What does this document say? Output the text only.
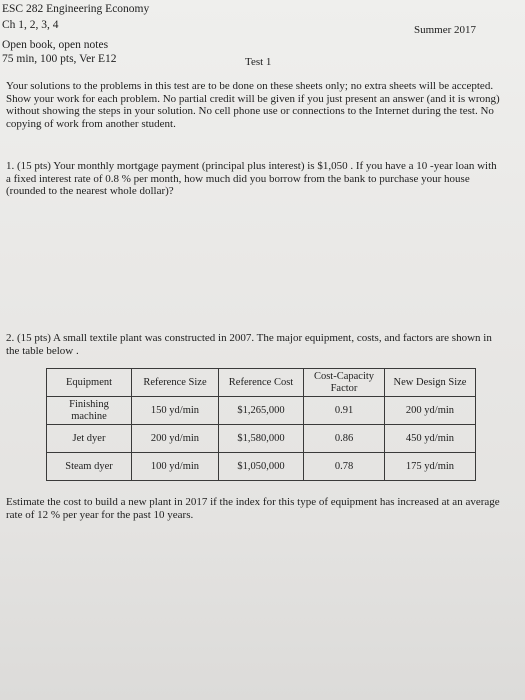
ESC 282 Engineering Economy
Ch 1, 2, 3, 4
Open book, open notes
75 min, 100 pts, Ver E12
Summer 2017
Test 1
Your solutions to the problems in this test are to be done on these sheets only; no extra sheets will be accepted. Show your work for each problem. No partial credit will be given if you just present an answer (and it is wrong) without showing the steps in your solution. No cell phone use or connections to the Internet during the test. No copying of work from another student.
1. (15 pts) Your monthly mortgage payment (principal plus interest) is $1,050 . If you have a 10 -year loan with a fixed interest rate of 0.8 % per month, how much did you borrow from the bank to purchase your house (rounded to the nearest whole dollar)?
2. (15 pts) A small textile plant was constructed in 2007. The major equipment, costs, and factors are shown in the table below .
Equipment	Reference Size	Reference Cost	Cost-Capacity Factor	New Design Size
Finishing machine	150 yd/min	$1,265,000	0.91	200 yd/min
Jet dyer	200 yd/min	$1,580,000	0.86	450 yd/min
Steam dyer	100 yd/min	$1,050,000	0.78	175 yd/min
Estimate the cost to build a new plant in 2017 if the index for this type of equipment has increased at an average rate of 12 % per year for the past 10 years.
